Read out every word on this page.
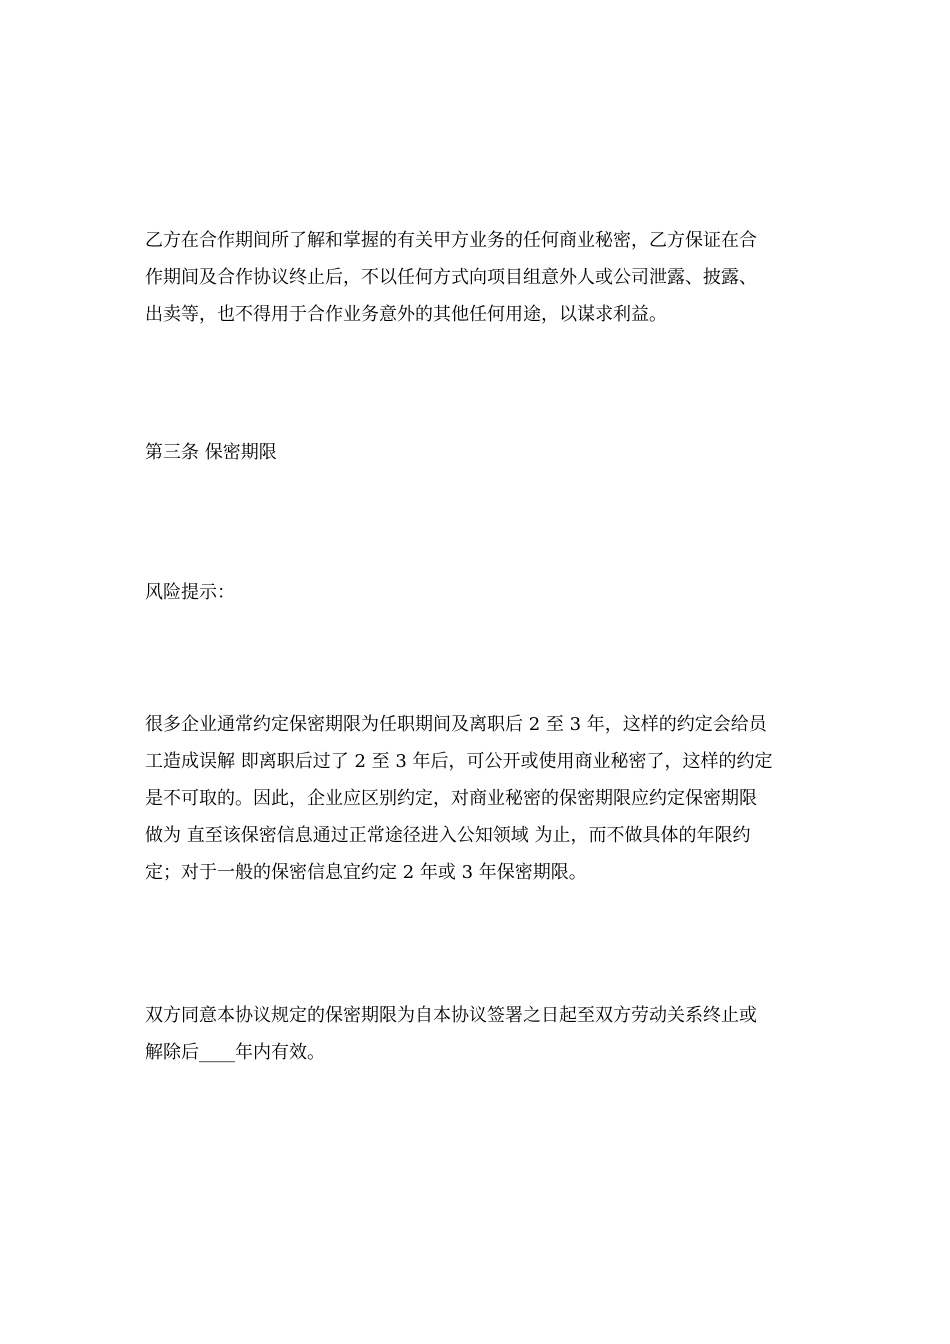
乙方在合作期间所了解和掌握的有关甲方业务的任何商业秘密，乙方保证在合
作期间及合作协议终止后，不以任何方式向项目组意外人或公司泄露、披露、
出卖等，也不得用于合作业务意外的其他任何用途，以谋求利益。

第三条 保密期限

风险提示：

很多企业通常约定保密期限为任职期间及离职后 2 至 3 年，这样的约定会给员
工造成误解 即离职后过了 2 至 3 年后，可公开或使用商业秘密了，这样的约定
是不可取的。因此，企业应区别约定，对商业秘密的保密期限应约定保密期限
做为 直至该保密信息通过正常途径进入公知领域 为止，而不做具体的年限约
定；对于一般的保密信息宜约定 2 年或 3 年保密期限。

双方同意本协议规定的保密期限为自本协议签署之日起至双方劳动关系终止或
解除后____年内有效。
